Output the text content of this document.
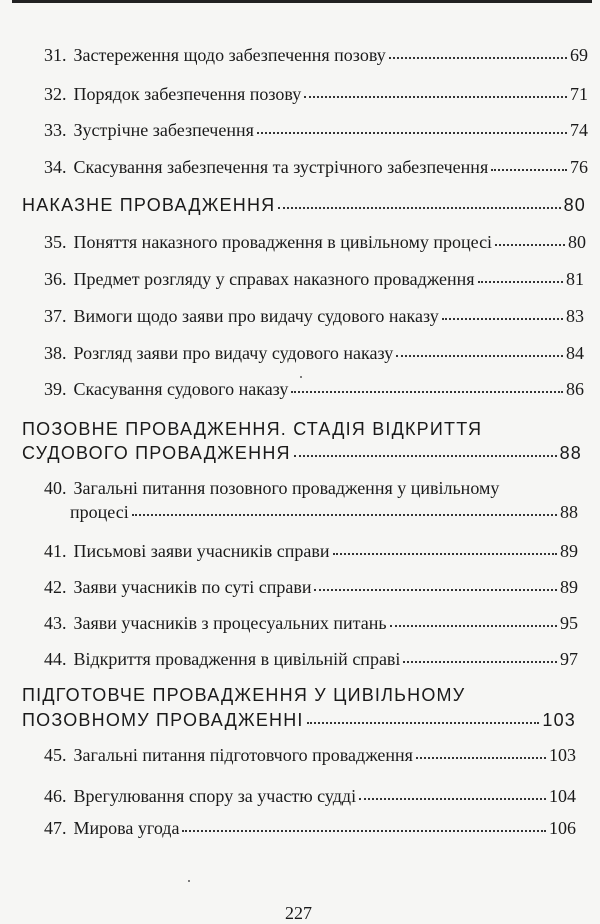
31. Застереження щодо забезпечення позову	69
32. Порядок забезпечення позову	71
33. Зустрічне забезпечення	74
34. Скасування забезпечення та зустрічного забезпечення	76
НАКАЗНЕ ПРОВАДЖЕННЯ	80
35. Поняття наказного провадження в цивільному процесі	80
36. Предмет розгляду у справах наказного провадження	81
37. Вимоги щодо заяви про видачу судового наказу	83
38. Розгляд заяви про видачу судового наказу	84
39. Скасування судового наказу	86
ПОЗОВНЕ ПРОВАДЖЕННЯ. СТАДІЯ ВІДКРИТТЯ
СУДОВОГО ПРОВАДЖЕННЯ	88
40. Загальні питання позовного провадження у цивільному
процесі	88
41. Письмові заяви учасників справи	89
42. Заяви учасників по суті справи	89
43. Заяви учасників з процесуальних питань	95
44. Відкриття провадження в цивільній справі	97
ПІДГОТОВЧЕ ПРОВАДЖЕННЯ У ЦИВІЛЬНОМУ
ПОЗОВНОМУ ПРОВАДЖЕННІ	103
45. Загальні питання підготовчого провадження	103
46. Врегулювання спору за участю судді	104
47. Мирова угода	106
227
